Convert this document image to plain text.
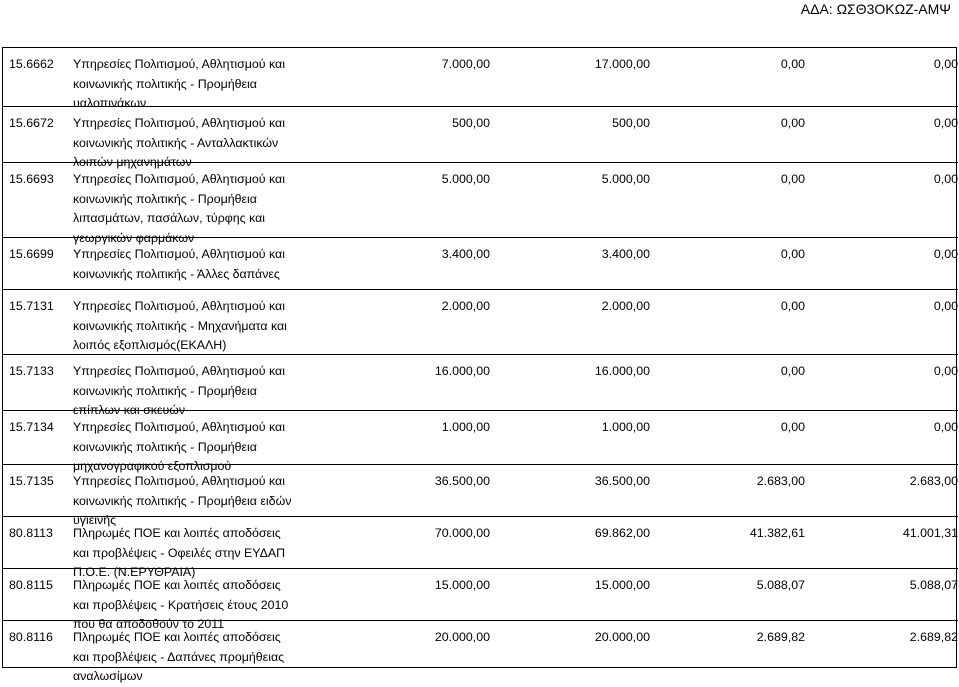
ΑΔΑ: ΩΣΘ3ΟΚΩΖ-ΑΜΨ
15.6662 Υπηρεσίες Πολιτισμού, Αθλητισμού και
κοινωνικής πολιτικής - Προμήθεια
υαλοπινάκων
7.000,00	17.000,00	0,00	0,00
15.6672 Υπηρεσίες Πολιτισμού, Αθλητισμού και
κοινωνικής πολιτικής - Ανταλλακτικών
λοιπών μηχανημάτων
500,00	500,00	0,00	0,00
15.6693 Υπηρεσίες Πολιτισμού, Αθλητισμού και
κοινωνικής πολιτικής - Προμήθεια
λιπασμάτων, πασάλων, τύρφης και
γεωργικών φαρμάκων
5.000,00	5.000,00	0,00	0,00
15.6699 Υπηρεσίες Πολιτισμού, Αθλητισμού και
κοινωνικής πολιτικής - Άλλες δαπάνες
3.400,00	3.400,00	0,00	0,00
15.7131 Υπηρεσίες Πολιτισμού, Αθλητισμού και
κοινωνικής πολιτικής - Μηχανήματα και
λοιπός εξοπλισμός(ΕΚΑΛΗ)
2.000,00	2.000,00	0,00	0,00
15.7133 Υπηρεσίες Πολιτισμού, Αθλητισμού και
κοινωνικής πολιτικής - Προμήθεια
επίπλων και σκευών
16.000,00	16.000,00	0,00	0,00
15.7134 Υπηρεσίες Πολιτισμού, Αθλητισμού και
κοινωνικής πολιτικής - Προμήθεια
μηχανογραφικού εξοπλισμού
1.000,00	1.000,00	0,00	0,00
15.7135 Υπηρεσίες Πολιτισμού, Αθλητισμού και
κοινωνικής πολιτικής - Προμήθεια ειδών
υγιεινής
36.500,00	36.500,00	2.683,00	2.683,00
80.8113 Πληρωμές ΠΟΕ και λοιπές αποδόσεις
και προβλέψεις - Οφειλές στην ΕΥΔΑΠ
Π.Ο.Ε. (Ν.ΕΡΥΘΡΑΙΑ)
70.000,00	69.862,00	41.382,61	41.001,31
80.8115 Πληρωμές ΠΟΕ και λοιπές αποδόσεις
και προβλέψεις - Κρατήσεις έτους 2010
που θα αποδοθούν το 2011
15.000,00	15.000,00	5.088,07	5.088,07
80.8116 Πληρωμές ΠΟΕ και λοιπές αποδόσεις
και προβλέψεις - Δαπάνες προμήθειας
αναλωσίμων
20.000,00	20.000,00	2.689,82	2.689,82
